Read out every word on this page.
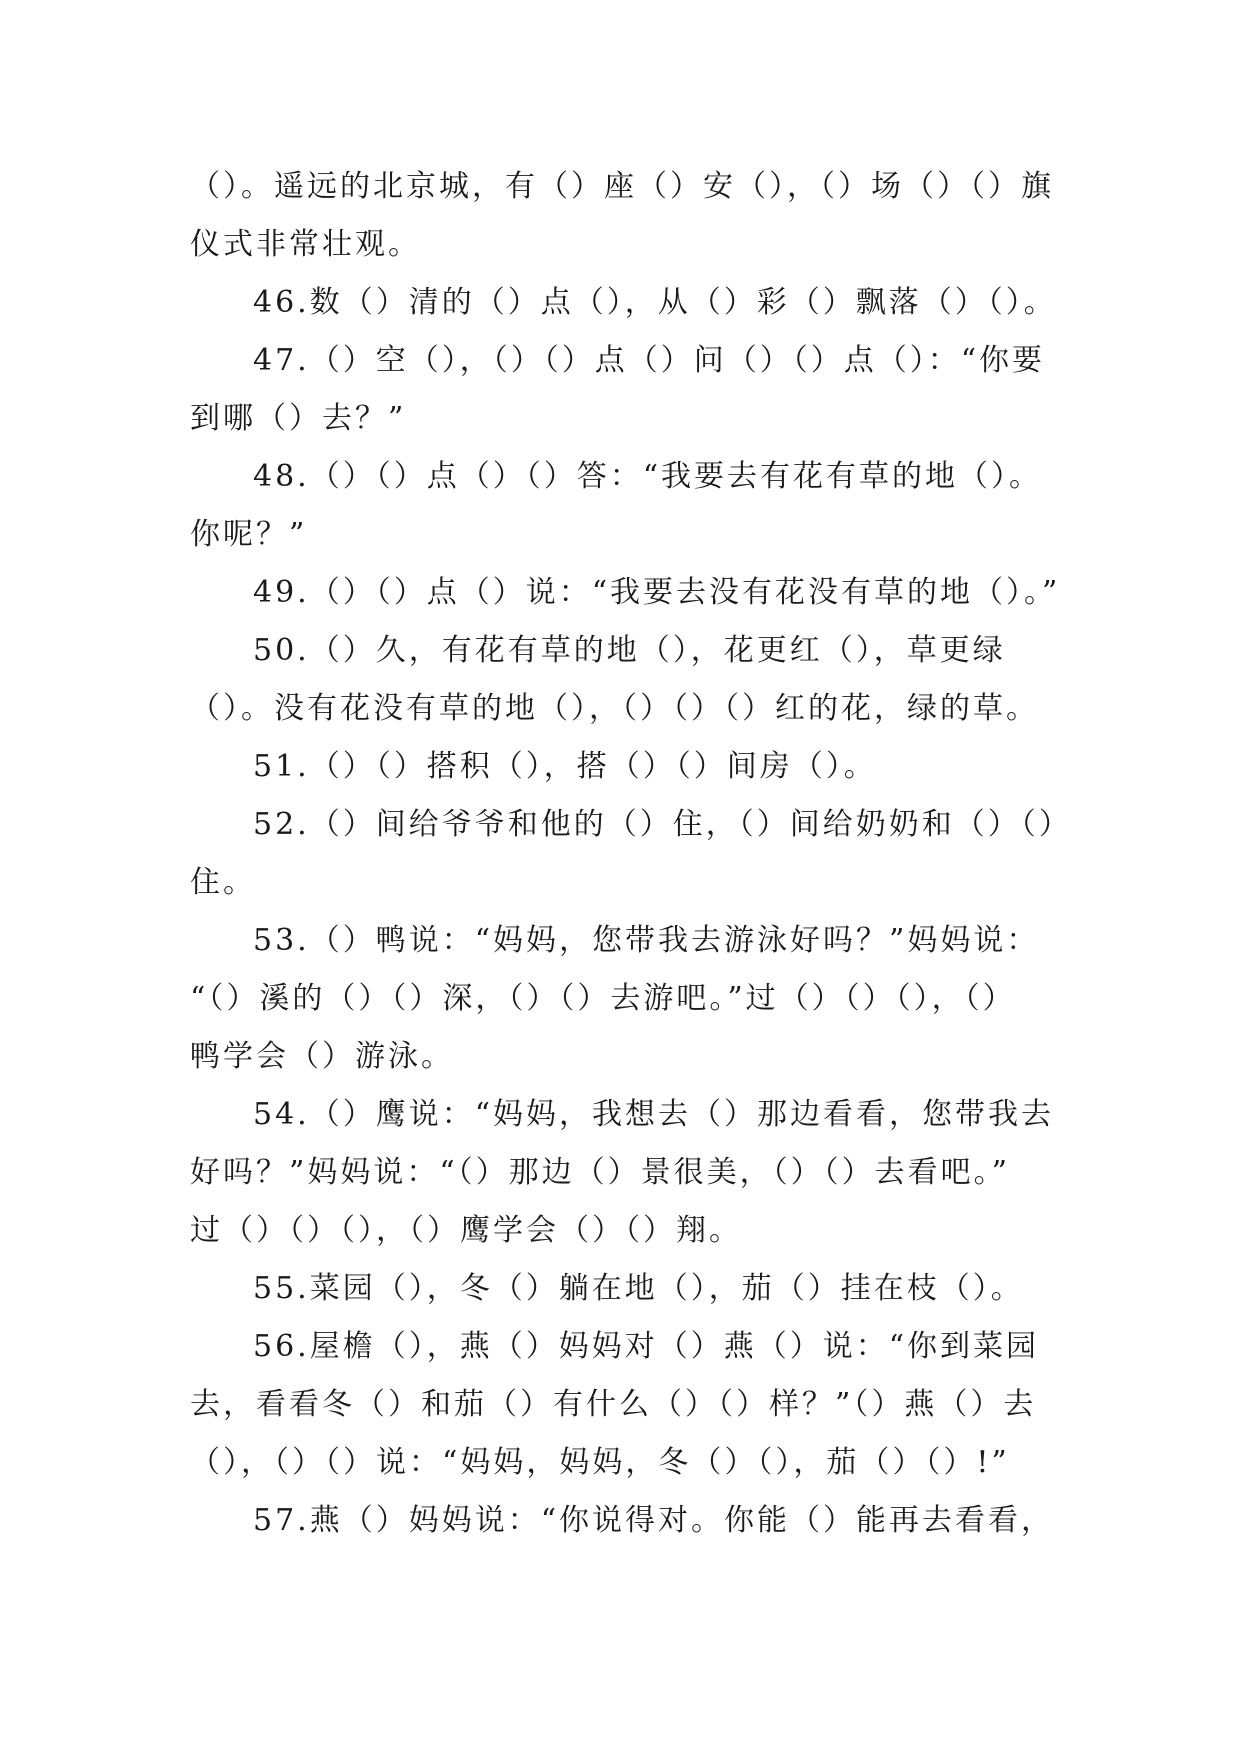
（）。遥远的北京城，有（）座（）安（），（）场（）（）旗
仪式非常壮观。
46.数（）清的（）点（），从（）彩（）飘落（）（）。
47.（）空（），（）（）点（）问（）（）点（）：“你要
到哪（）去？”
48.（）（）点（）（）答：“我要去有花有草的地（）。
你呢？”
49.（）（）点（）说：“我要去没有花没有草的地（）。”
50.（）久，有花有草的地（），花更红（），草更绿
（）。没有花没有草的地（），（）（）（）红的花，绿的草。
51.（）（）搭积（），搭（）（）间房（）。
52.（）间给爷爷和他的（）住，（）间给奶奶和（）（）
住。
53.（）鸭说：“妈妈，您带我去游泳好吗？”妈妈说：
“（）溪的（）（）深，（）（）去游吧。”过（）（）（），（）
鸭学会（）游泳。
54.（）鹰说：“妈妈，我想去（）那边看看，您带我去
好吗？”妈妈说：“（）那边（）景很美，（）（）去看吧。”
过（）（）（），（）鹰学会（）（）翔。
55.菜园（），冬（）躺在地（），茄（）挂在枝（）。
56.屋檐（），燕（）妈妈对（）燕（）说：“你到菜园
去，看看冬（）和茄（）有什么（）（）样？”（）燕（）去
（），（）（）说：“妈妈，妈妈，冬（）（），茄（）（）!”
57.燕（）妈妈说：“你说得对。你能（）能再去看看，
